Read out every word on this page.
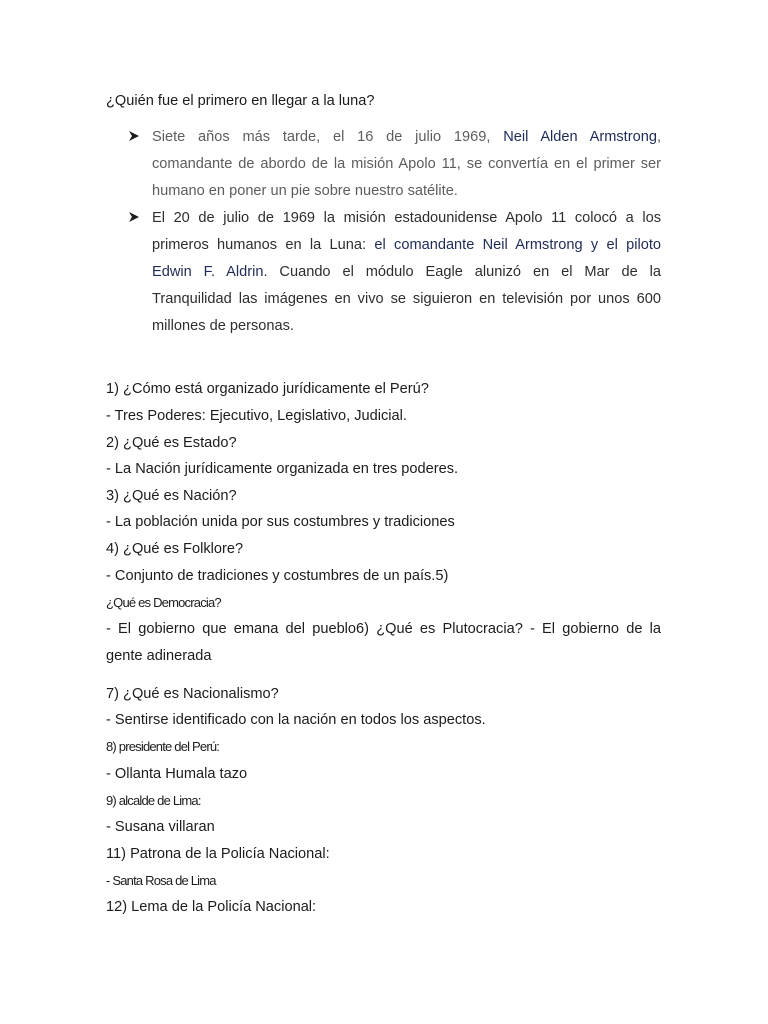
¿Quién fue el primero en llegar a la luna?
Siete años más tarde, el 16 de julio 1969, Neil Alden Armstrong,
comandante de abordo de la misión Apolo 11, se convertía en el primer ser
humano en poner un pie sobre nuestro satélite.
El 20 de julio de 1969 la misión estadounidense Apolo 11 colocó a los
primeros humanos en la Luna: el comandante Neil Armstrong y el piloto
Edwin F. Aldrin. Cuando el módulo Eagle alunizó en el Mar de la
Tranquilidad las imágenes en vivo se siguieron en televisión por unos 600
millones de personas.
1) ¿Cómo está organizado jurídicamente el Perú?
- Tres Poderes: Ejecutivo, Legislativo, Judicial.
2) ¿Qué es Estado?
- La Nación jurídicamente organizada en tres poderes.
3) ¿Qué es Nación?
- La población unida por sus costumbres y tradiciones
4) ¿Qué es Folklore?
- Conjunto de tradiciones y costumbres de un país.5)
¿Qué es Democracia?
- El gobierno que emana del pueblo6) ¿Qué es Plutocracia? - El gobierno de la
gente adinerada
7) ¿Qué es Nacionalismo?
- Sentirse identificado con la nación en todos los aspectos.
8) presidente del Perú:
- Ollanta Humala tazo
9) alcalde de Lima:
- Susana villaran
11) Patrona de la Policía Nacional:
- Santa Rosa de Lima
12) Lema de la Policía Nacional:
